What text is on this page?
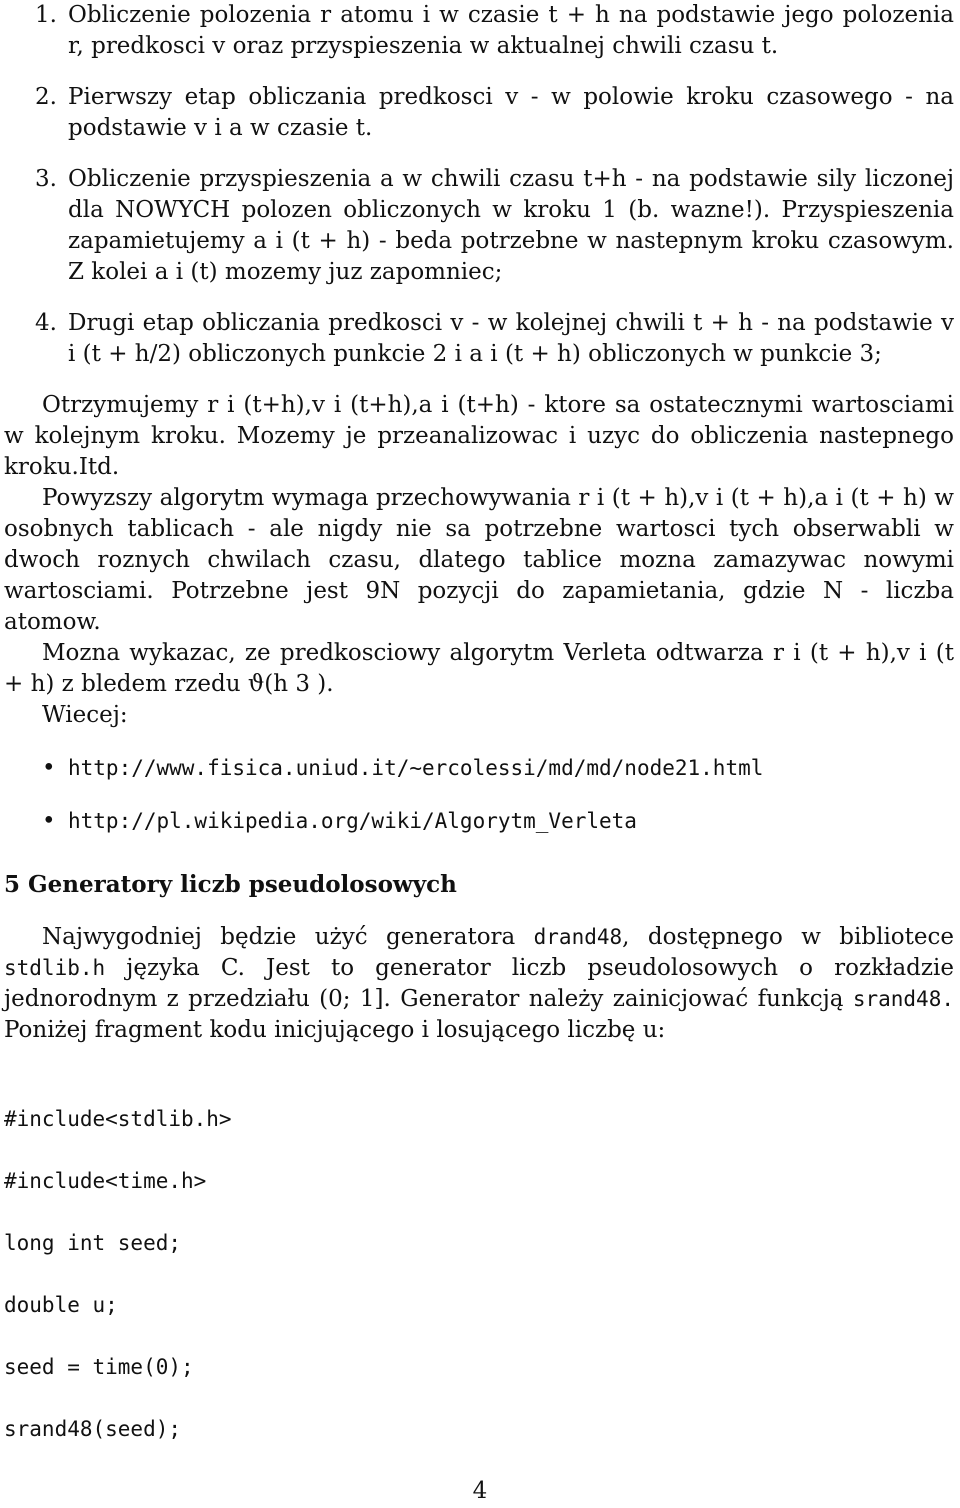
1. Obliczenie polozenia r atomu i w czasie t + h na podstawie jego polozenia r, predkosci v oraz przyspieszenia w aktualnej chwili czasu t.

2. Pierwszy etap obliczania predkosci v - w polowie kroku czasowego - na podstawie v i a w czasie t.

3. Obliczenie przyspieszenia a w chwili czasu t+h - na podstawie sily liczonej dla NOWYCH polozen obliczonych w kroku 1 (b. wazne!). Przyspieszenia zapamietujemy a i (t + h) - beda potrzebne w nastepnym kroku czasowym. Z kolei a i (t) mozemy juz zapomniec;

4. Drugi etap obliczania predkosci v - w kolejnej chwili t + h - na podstawie v i (t + h/2) obliczonych punkcie 2 i a i (t + h) obliczonych w punkcie 3;

Otrzymujemy r i (t+h),v i (t+h),a i (t+h) - ktore sa ostatecznymi wartosciami w kolejnym kroku. Mozemy je przeanalizowac i uzyc do obliczenia nastepnego kroku.Itd.

Powyzszy algorytm wymaga przechowywania r i (t + h),v i (t + h),a i (t + h) w osobnych tablicach - ale nigdy nie sa potrzebne wartosci tych obserwabli w dwoch roznych chwilach czasu, dlatego tablice mozna zamazywac nowymi wartosciami. Potrzebne jest 9N pozycji do zapamietania, gdzie N - liczba atomow.

Mozna wykazac, ze predkosciowy algorytm Verleta odtwarza r i (t + h),v i (t + h) z bledem rzedu ϑ(h 3 ).

Wiecej:

• http://www.fisica.uniud.it/~ercolessi/md/md/node21.html
• http://pl.wikipedia.org/wiki/Algorytm_Verleta
5 Generatory liczb pseudolosowych

Najwygodniej będzie użyć generatora drand48, dostępnego w bibliotece stdlib.h języka C. Jest to generator liczb pseudolosowych o rozkładzie jednorodnym z przedziału (0; 1]. Generator należy zainicjować funkcją srand48. Poniżej fragment kodu inicjującego i losującego liczbę u:

#include<stdlib.h>
#include<time.h>
long int seed;
double u;
seed = time(0);
srand48(seed);
4
